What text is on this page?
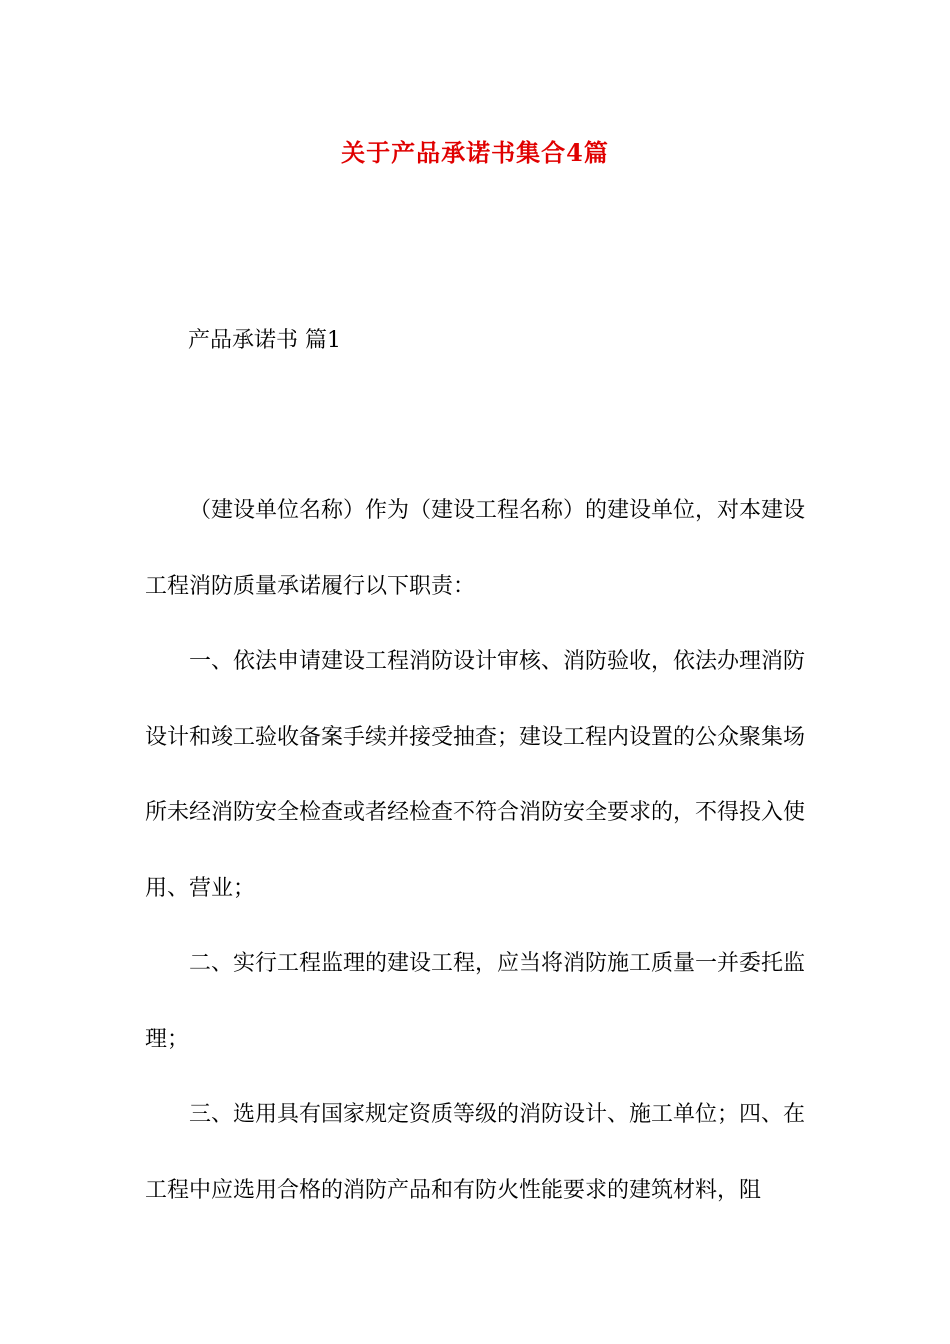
关于产品承诺书集合4篇
产品承诺书 篇1

（建设单位名称）作为（建设工程名称）的建设单位，对本建设工程消防质量承诺履行以下职责：

一、依法申请建设工程消防设计审核、消防验收，依法办理消防设计和竣工验收备案手续并接受抽查；建设工程内设置的公众聚集场所未经消防安全检查或者经检查不符合消防安全要求的，不得投入使用、营业；

二、实行工程监理的建设工程，应当将消防施工质量一并委托监理；

三、选用具有国家规定资质等级的消防设计、施工单位；四、在工程中应选用合格的消防产品和有防火性能要求的建筑材料，阻
